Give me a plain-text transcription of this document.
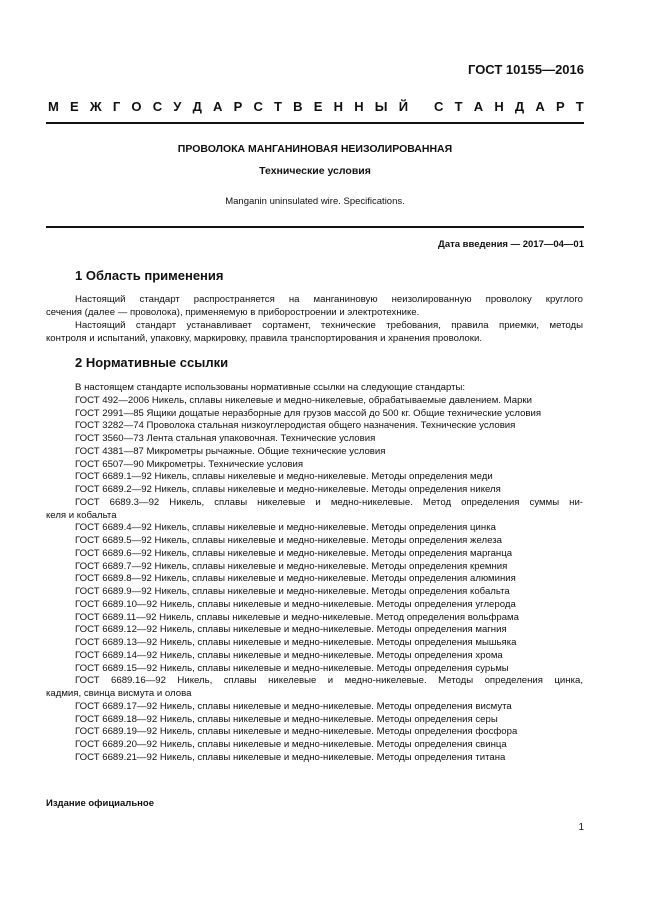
ГОСТ 10155—2016
М Е Ж Г О С У Д А Р С Т В Е Н Н Ы Й
С Т А Н Д А Р Т
ПРОВОЛОКА МАНГАНИНОВАЯ НЕИЗОЛИРОВАННАЯ
Технические условия
Manganin uninsulated wire. Specifications.
Дата введения — 2017—04—01
1 Область применения
Настоящий стандарт распространяется на манганиновую неизолированную проволоку круглого
сечения (далее — проволока), применяемую в приборостроении и электротехнике.
Настоящий стандарт устанавливает сортамент, технические требования, правила приемки, методы
контроля и испытаний, упаковку, маркировку, правила транспортирования и хранения проволоки.
2 Нормативные ссылки
В настоящем стандарте использованы нормативные ссылки на следующие стандарты:
ГОСТ 492—2006 Никель, сплавы никелевые и медно-никелевые, обрабатываемые давлением. Марки
ГОСТ 2991—85 Ящики дощатые неразборные для грузов массой до 500 кг. Общие технические условия
ГОСТ 3282—74 Проволока стальная низкоуглеродистая общего назначения. Технические условия
ГОСТ 3560—73 Лента стальная упаковочная. Технические условия
ГОСТ 4381—87 Микрометры рычажные. Общие технические условия
ГОСТ 6507—90 Микрометры. Технические условия
ГОСТ 6689.1—92 Никель, сплавы никелевые и медно-никелевые. Методы определения меди
ГОСТ 6689.2—92 Никель, сплавы никелевые и медно-никелевые. Методы определения никеля
ГОСТ 6689.3—92 Никель, сплавы никелевые и медно-никелевые. Метод определения суммы ни-
келя и кобальта
ГОСТ 6689.4—92 Никель, сплавы никелевые и медно-никелевые. Методы определения цинка
ГОСТ 6689.5—92 Никель, сплавы никелевые и медно-никелевые. Методы определения железа
ГОСТ 6689.6—92 Никель, сплавы никелевые и медно-никелевые. Методы определения марганца
ГОСТ 6689.7—92 Никель, сплавы никелевые и медно-никелевые. Методы определения кремния
ГОСТ 6689.8—92 Никель, сплавы никелевые и медно-никелевые. Методы определения алюминия
ГОСТ 6689.9—92 Никель, сплавы никелевые и медно-никелевые. Методы определения кобальта
ГОСТ 6689.10—92 Никель, сплавы никелевые и медно-никелевые. Методы определения углерода
ГОСТ 6689.11—92 Никель, сплавы никелевые и медно-никелевые. Метод определения вольфрама
ГОСТ 6689.12—92 Никель, сплавы никелевые и медно-никелевые. Методы определения магния
ГОСТ 6689.13—92 Никель, сплавы никелевые и медно-никелевые. Методы определения мышьяка
ГОСТ 6689.14—92 Никель, сплавы никелевые и медно-никелевые. Методы определения хрома
ГОСТ 6689.15—92 Никель, сплавы никелевые и медно-никелевые. Методы определения сурьмы
ГОСТ 6689.16—92 Никель, сплавы никелевые и медно-никелевые. Методы определения цинка,
кадмия, свинца висмута и олова
ГОСТ 6689.17—92 Никель, сплавы никелевые и медно-никелевые. Методы определения висмута
ГОСТ 6689.18—92 Никель, сплавы никелевые и медно-никелевые. Методы определения серы
ГОСТ 6689.19—92 Никель, сплавы никелевые и медно-никелевые. Методы определения фосфора
ГОСТ 6689.20—92 Никель, сплавы никелевые и медно-никелевые. Методы определения свинца
ГОСТ 6689.21—92 Никель, сплавы никелевые и медно-никелевые. Методы определения титана
Издание официальное
1
